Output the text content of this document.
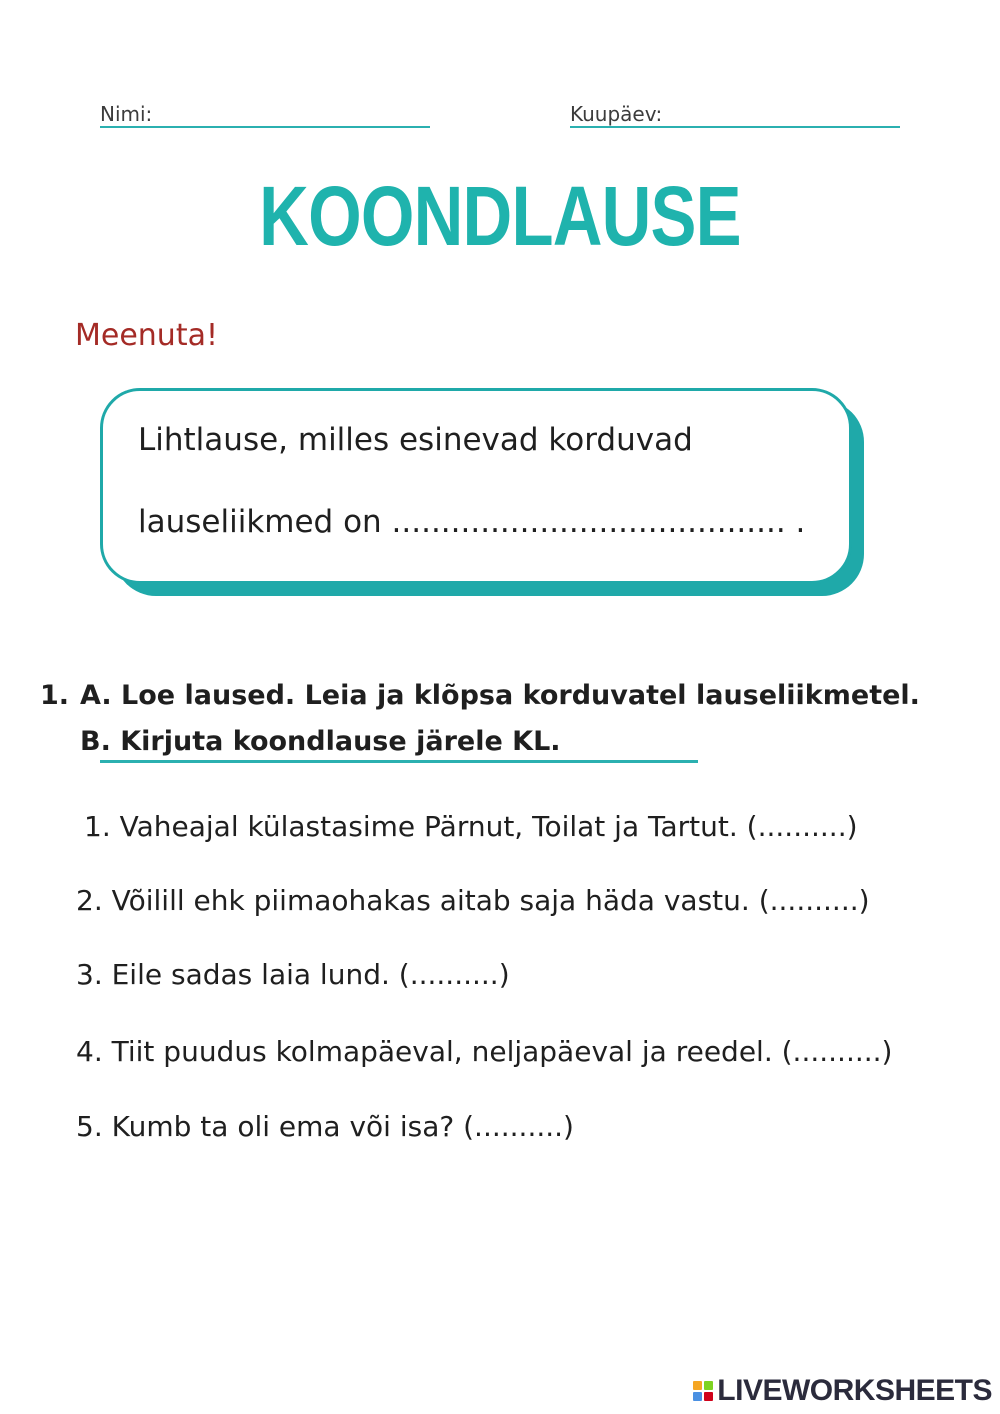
Nimi:	Kuupäev:
KOONDLAUSE
Meenuta!
Lihtlause, milles esinevad korduvad
lauseliikmed on ........................................ .
1. A. Loe laused. Leia ja klõpsa korduvatel lauseliikmetel.
B. Kirjuta koondlause järele KL.
1. Vaheajal külastasime Pärnut, Toilat ja Tartut. (..........)
2. Võilill ehk piimaohakas aitab saja häda vastu. (..........)
3. Eile sadas laia lund. (..........)
4. Tiit puudus kolmapäeval, neljapäeval ja reedel. (..........)
5. Kumb ta oli ema või isa? (..........)
LIVEWORKSHEETS
